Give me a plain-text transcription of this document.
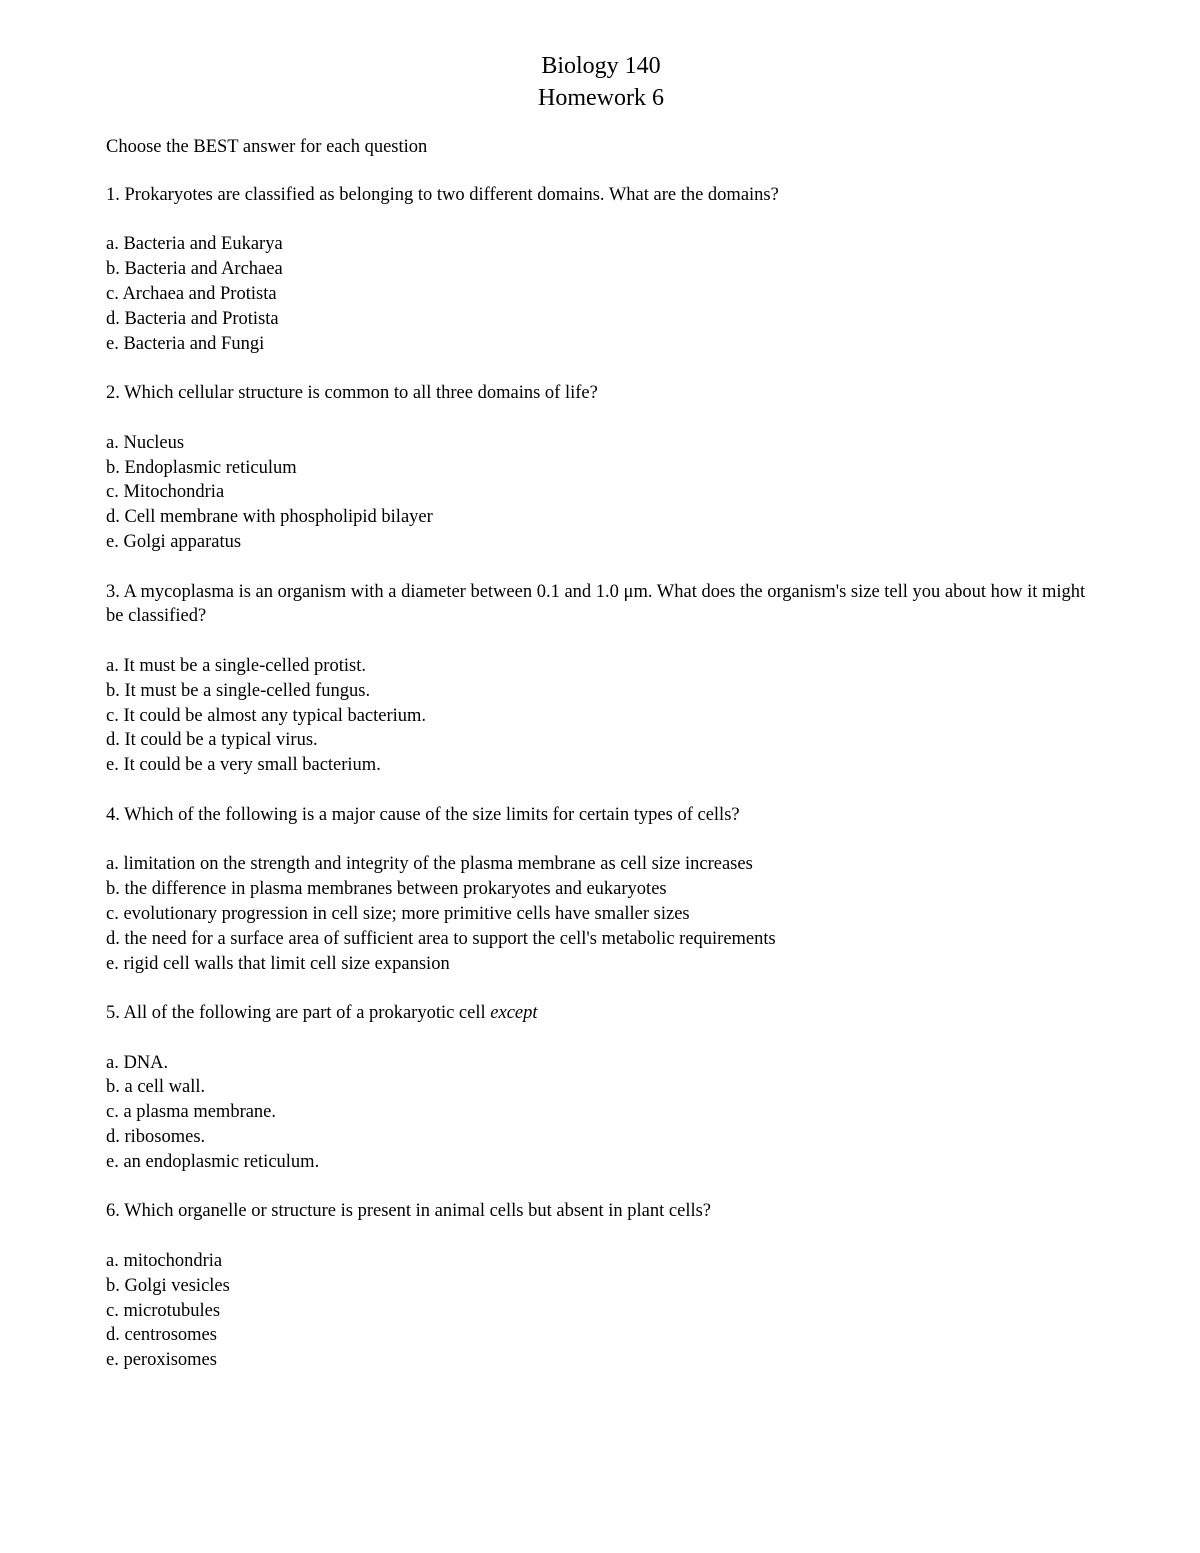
Biology 140
Homework 6
Choose the BEST answer for each question
1. Prokaryotes are classified as belonging to two different domains. What are the domains?
a. Bacteria and Eukarya
b. Bacteria and Archaea
c. Archaea and Protista
d. Bacteria and Protista
e. Bacteria and Fungi
2. Which cellular structure is common to all three domains of life?
a. Nucleus
b. Endoplasmic reticulum
c. Mitochondria
d. Cell membrane with phospholipid bilayer
e. Golgi apparatus
3. A mycoplasma is an organism with a diameter between 0.1 and 1.0 μm. What does the organism's size tell you about how it might be classified?
a. It must be a single-celled protist.
b. It must be a single-celled fungus.
c. It could be almost any typical bacterium.
d. It could be a typical virus.
e. It could be a very small bacterium.
4. Which of the following is a major cause of the size limits for certain types of cells?
a. limitation on the strength and integrity of the plasma membrane as cell size increases
b. the difference in plasma membranes between prokaryotes and eukaryotes
c. evolutionary progression in cell size; more primitive cells have smaller sizes
d. the need for a surface area of sufficient area to support the cell's metabolic requirements
e. rigid cell walls that limit cell size expansion
5. All of the following are part of a prokaryotic cell except
a. DNA.
b. a cell wall.
c. a plasma membrane.
d. ribosomes.
e. an endoplasmic reticulum.
6. Which organelle or structure is present in animal cells but absent in plant cells?
a. mitochondria
b. Golgi vesicles
c. microtubules
d. centrosomes
e. peroxisomes
